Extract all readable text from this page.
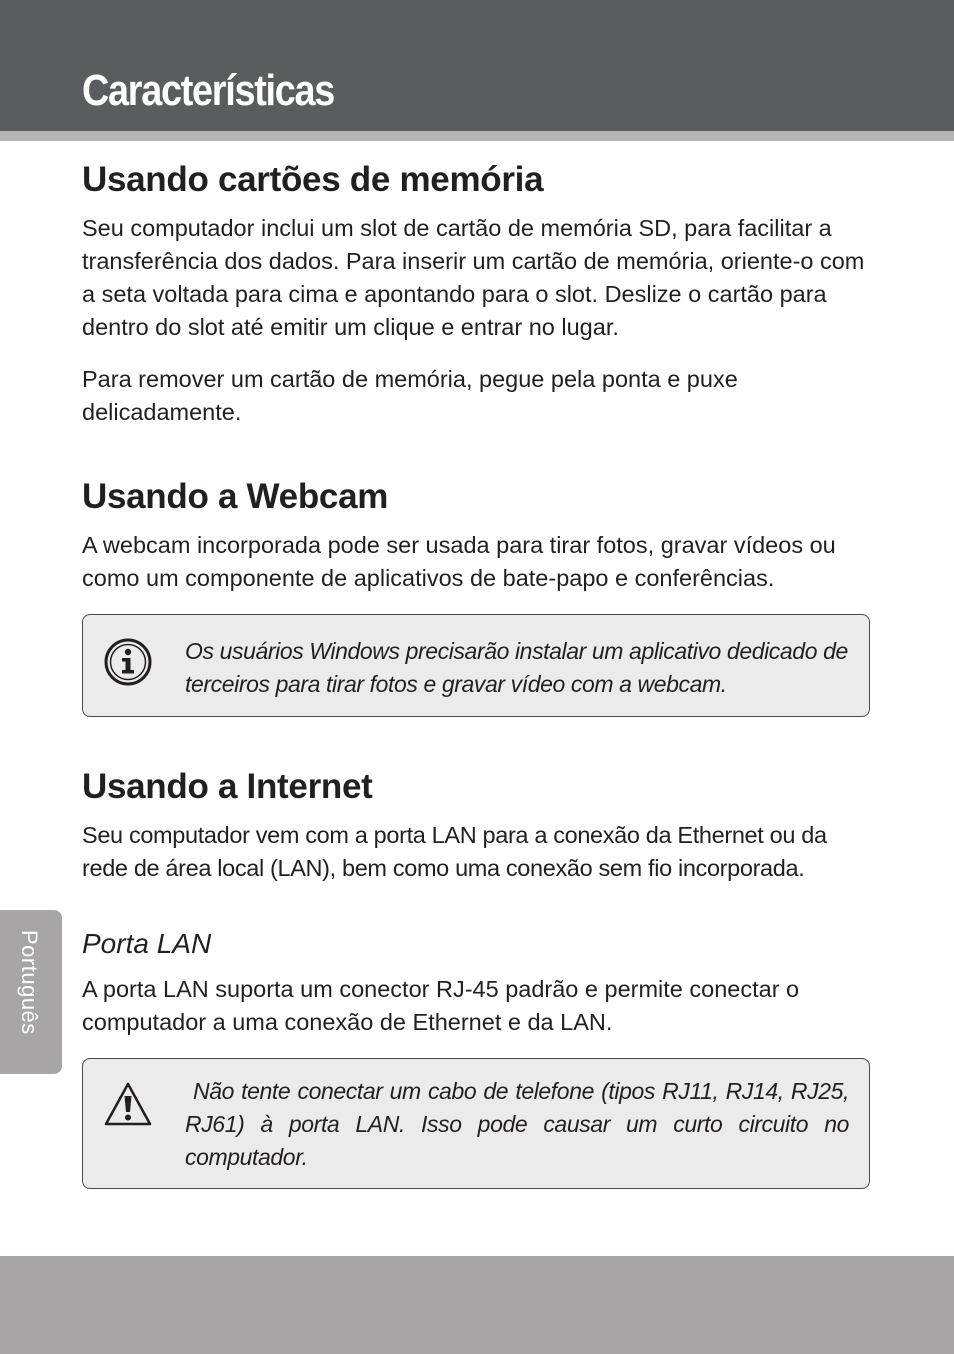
Características
Usando cartões de memória

Seu computador inclui um slot de cartão de memória SD, para facilitar a transferência dos dados. Para inserir um cartão de memória, oriente-o com a seta voltada para cima e apontando para o slot. Deslize o cartão para dentro do slot até emitir um clique e entrar no lugar.

Para remover um cartão de memória, pegue pela ponta e puxe delicadamente.

Usando a Webcam

A webcam incorporada pode ser usada para tirar fotos, gravar vídeos ou como um componente de aplicativos de bate-papo e conferências.

Usando a Internet

Seu computador vem com a porta LAN para a conexão da Ethernet ou da rede de área local (LAN), bem como uma conexão sem fio incorporada.

Porta LAN

A porta LAN suporta um conector RJ-45 padrão e permite conectar o computador a uma conexão de Ethernet e da LAN.

Os usuários Windows precisarão instalar um aplicativo dedicado de terceiros para tirar fotos e gravar vídeo com a webcam.

Não tente conectar um cabo de telefone (tipos RJ11, RJ14, RJ25, RJ61) à porta LAN. Isso pode causar um curto circuito no computador.

Português
